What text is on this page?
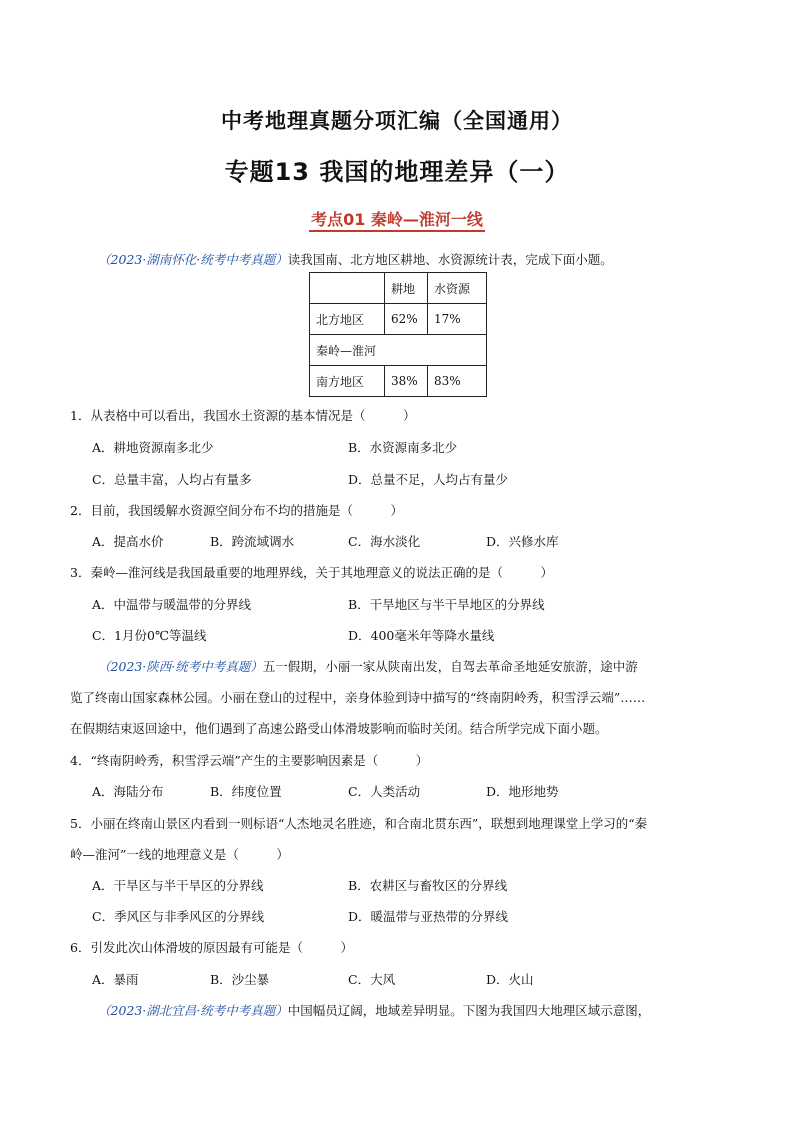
中考地理真题分项汇编（全国通用）
专题13 我国的地理差异（一）
考点01 秦岭—淮河一线
（2023·湖南怀化·统考中考真题）读我国南、北方地区耕地、水资源统计表，完成下面小题。
	耕地	水资源
北方地区	62%	17%
秦岭—淮河		
南方地区	38%	83%
1．从表格中可以看出，我国水土资源的基本情况是（　　　）
A．耕地资源南多北少	B．水资源南多北少
C．总量丰富，人均占有量多	D．总量不足，人均占有量少
2．目前，我国缓解水资源空间分布不均的措施是（　　　）
A．提高水价	B．跨流域调水	C．海水淡化	D．兴修水库
3．秦岭—淮河线是我国最重要的地理界线，关于其地理意义的说法正确的是（　　　）
A．中温带与暖温带的分界线	B．干旱地区与半干旱地区的分界线
C．1月份0℃等温线	D．400毫米年等降水量线
（2023·陕西·统考中考真题）五一假期，小丽一家从陕南出发，自驾去革命圣地延安旅游，途中游
览了终南山国家森林公园。小丽在登山的过程中，亲身体验到诗中描写的“终南阴岭秀，积雪浮云端”……
在假期结束返回途中，他们遇到了高速公路受山体滑坡影响而临时关闭。结合所学完成下面小题。
4．“终南阴岭秀，积雪浮云端”产生的主要影响因素是（　　　）
A．海陆分布	B．纬度位置	C．人类活动	D．地形地势
5．小丽在终南山景区内看到一则标语“人杰地灵名胜迹，和合南北贯东西”，联想到地理课堂上学习的“秦
岭—淮河”一线的地理意义是（　　　）
A．干旱区与半干旱区的分界线	B．农耕区与畜牧区的分界线
C．季风区与非季风区的分界线	D．暖温带与亚热带的分界线
6．引发此次山体滑坡的原因最有可能是（　　　）
A．暴雨	B．沙尘暴	C．大风	D．火山
（2023·湖北宜昌·统考中考真题）中国幅员辽阔，地域差异明显。下图为我国四大地理区域示意图，
